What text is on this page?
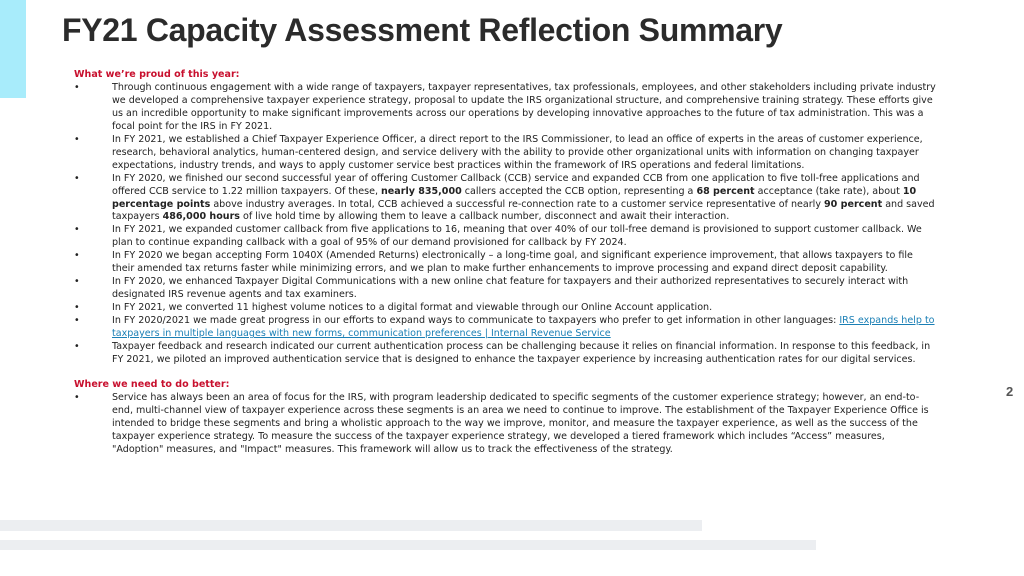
FY21 Capacity Assessment Reflection Summary

What we’re proud of this year:

• Through continuous engagement with a wide range of taxpayers, taxpayer representatives, tax professionals, employees, and other stakeholders including private industry we developed a comprehensive taxpayer experience strategy, proposal to update the IRS organizational structure, and comprehensive training strategy. These efforts give us an incredible opportunity to make significant improvements across our operations by developing innovative approaches to the future of tax administration. This was a focal point for the IRS in FY 2021.
• In FY 2021, we established a Chief Taxpayer Experience Officer, a direct report to the IRS Commissioner, to lead an office of experts in the areas of customer experience, research, behavioral analytics, human-centered design, and service delivery with the ability to provide other organizational units with information on changing taxpayer expectations, industry trends, and ways to apply customer service best practices within the framework of IRS operations and federal limitations.
• In FY 2020, we finished our second successful year of offering Customer Callback (CCB) service and expanded CCB from one application to five toll-free applications and offered CCB service to 1.22 million taxpayers. Of these, nearly 835,000 callers accepted the CCB option, representing a 68 percent acceptance (take rate), about 10 percentage points above industry averages. In total, CCB achieved a successful re-connection rate to a customer service representative of nearly 90 percent and saved taxpayers 486,000 hours of live hold time by allowing them to leave a callback number, disconnect and await their interaction.
• In FY 2021, we expanded customer callback from five applications to 16, meaning that over 40% of our toll-free demand is provisioned to support customer callback. We plan to continue expanding callback with a goal of 95% of our demand provisioned for callback by FY 2024.
• In FY 2020 we began accepting Form 1040X (Amended Returns) electronically – a long-time goal, and significant experience improvement, that allows taxpayers to file their amended tax returns faster while minimizing errors, and we plan to make further enhancements to improve processing and expand direct deposit capability.
• In FY 2020, we enhanced Taxpayer Digital Communications with a new online chat feature for taxpayers and their authorized representatives to securely interact with designated IRS revenue agents and tax examiners.
• In FY 2021, we converted 11 highest volume notices to a digital format and viewable through our Online Account application.
• In FY 2020/2021 we made great progress in our efforts to expand ways to communicate to taxpayers who prefer to get information in other languages: IRS expands help to taxpayers in multiple languages with new forms, communication preferences | Internal Revenue Service
• Taxpayer feedback and research indicated our current authentication process can be challenging because it relies on financial information. In response to this feedback, in FY 2021, we piloted an improved authentication service that is designed to enhance the taxpayer experience by increasing authentication rates for our digital services.

Where we need to do better:

• Service has always been an area of focus for the IRS, with program leadership dedicated to specific segments of the customer experience strategy; however, an end-to-end, multi-channel view of taxpayer experience across these segments is an area we need to continue to improve. The establishment of the Taxpayer Experience Office is intended to bridge these segments and bring a wholistic approach to the way we improve, monitor, and measure the taxpayer experience, as well as the success of the taxpayer experience strategy. To measure the success of the taxpayer experience strategy, we developed a tiered framework which includes “Access” measures, "Adoption" measures, and "Impact" measures. This framework will allow us to track the effectiveness of the strategy.
2
